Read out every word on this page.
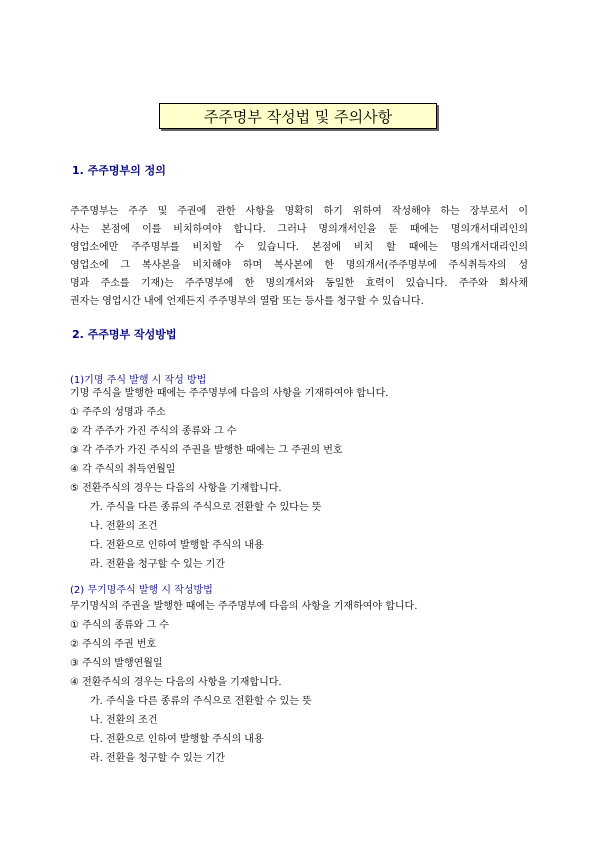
주주명부 작성법 및 주의사항
1. 주주명부의 정의
주주명부는 주주 및 주권에 관한 사항을 명확히 하기 위하여 작성해야 하는 장부로서 이
사는 본점에 이를 비치하여야 합니다. 그러나 명의개서인을 둔 때에는 명의개서대리인의
영업소에만 주주명부를 비치할 수 있습니다. 본점에 비치 할 때에는 명의개서대리인의
영업소에 그 복사본을 비치해야 하며 복사본에 한 명의개서(주주명부에 주식취득자의 성
명과 주소를 기재)는 주주명부에 한 명의개서와 동일한 효력이 있습니다. 주주와 회사채
권자는 영업시간 내에 언제든지 주주명부의 열람 또는 등사를 청구할 수 있습니다.
2. 주주명부 작성방법
(1)기명 주식 발행 시 작성 방법
기명 주식을 발행한 때에는 주주명부에 다음의 사항을 기재하여야 합니다.
① 주주의 성명과 주소
② 각 주주가 가진 주식의 종류와 그 수
③ 각 주주가 가진 주식의 주권을 발행한 때에는 그 주권의 번호
④ 각 주식의 취득연월일
⑤ 전환주식의 경우는 다음의 사항을 기재합니다.
가. 주식을 다른 종류의 주식으로 전환할 수 있다는 뜻
나. 전환의 조건
다. 전환으로 인하여 발행할 주식의 내용
라. 전환을 청구할 수 있는 기간
(2) 무기명주식 발행 시 작성방법
무기명식의 주권을 발행한 때에는 주주명부에 다음의 사항을 기재하여야 합니다.
① 주식의 종류와 그 수
② 주식의 주권 번호
③ 주식의 발행연월일
④ 전환주식의 경우는 다음의 사항을 기재합니다.
가. 주식을 다른 종류의 주식으로 전환할 수 있는 뜻
나. 전환의 조건
다. 전환으로 인하여 발행할 주식의 내용
라. 전환을 청구할 수 있는 기간
